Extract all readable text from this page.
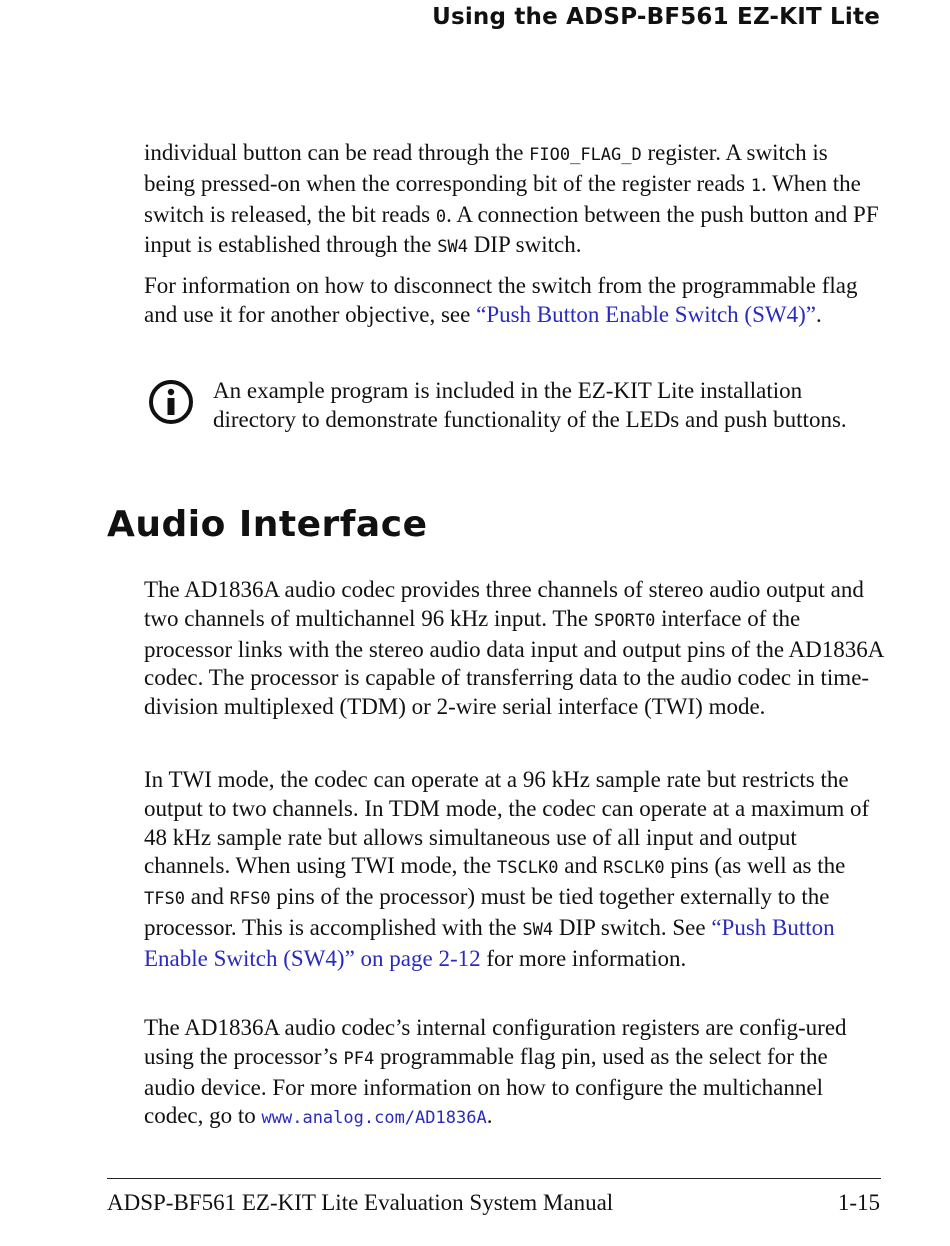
Using the ADSP-BF561 EZ-KIT Lite
individual button can be read through the FIO0_FLAG_D register. A switch is being pressed-on when the corresponding bit of the register reads 1. When the switch is released, the bit reads 0. A connection between the push button and PF input is established through the SW4 DIP switch.
For information on how to disconnect the switch from the programmable flag and use it for another objective, see “Push Button Enable Switch (SW4)”.
An example program is included in the EZ-KIT Lite installation directory to demonstrate functionality of the LEDs and push buttons.
Audio Interface
The AD1836A audio codec provides three channels of stereo audio output and two channels of multichannel 96 kHz input. The SPORT0 interface of the processor links with the stereo audio data input and output pins of the AD1836A codec. The processor is capable of transferring data to the audio codec in time-division multiplexed (TDM) or 2-wire serial interface (TWI) mode.
In TWI mode, the codec can operate at a 96 kHz sample rate but restricts the output to two channels. In TDM mode, the codec can operate at a maximum of 48 kHz sample rate but allows simultaneous use of all input and output channels. When using TWI mode, the TSCLK0 and RSCLK0 pins (as well as the TFS0 and RFS0 pins of the processor) must be tied together externally to the processor. This is accomplished with the SW4 DIP switch. See “Push Button Enable Switch (SW4)” on page 2-12 for more information.
The AD1836A audio codec’s internal configuration registers are config-ured using the processor’s PF4 programmable flag pin, used as the select for the audio device. For more information on how to configure the multichannel codec, go to www.analog.com/AD1836A.
ADSP-BF561 EZ-KIT Lite Evaluation System Manual	1-15
